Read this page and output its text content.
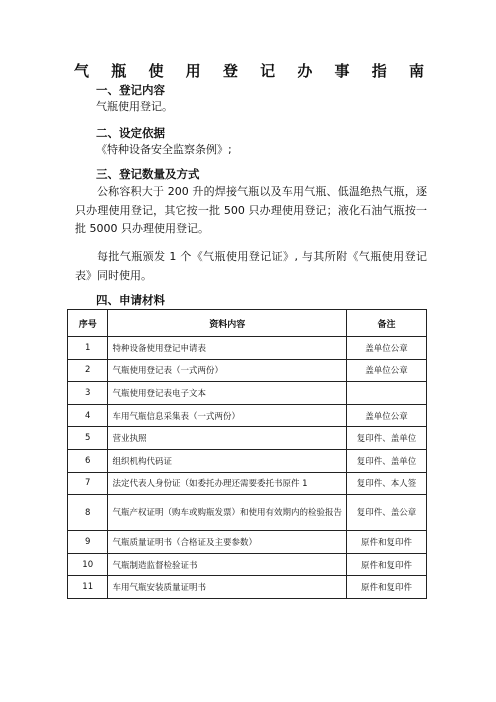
气 瓶 使 用 登 记 办 事 指 南
一、登记内容
气瓶使用登记。
二、设定依据
《特种设备安全监察条例》;
三、登记数量及方式
公称容积大于 200 升的焊接气瓶以及车用气瓶、低温绝热气瓶，逐只办理使用登记，其它按一批 500 只办理使用登记；液化石油气瓶按一批 5000 只办理使用登记。
每批气瓶颁发 1 个《气瓶使用登记证》, 与其所附《气瓶使用登记表》同时使用。
四、申请材料
序号	资料内容	备注
1	特种设备使用登记申请表	盖单位公章
2	气瓶使用登记表（一式两份）	盖单位公章
3	气瓶使用登记表电子文本	
4	车用气瓶信息采集表（一式两份）	盖单位公章
5	营业执照	复印件、盖单位
6	组织机构代码证	复印件、盖单位
7	法定代表人身份证（如委托办理还需要委托书原件 1	复印件、本人签
8	气瓶产权证明（购车或购瓶发票）和使用有效期内的检验报告	复印件、盖公章
9	气瓶质量证明书（合格证及主要参数）	原件和复印件
10	气瓶制造监督检验证书	原件和复印件
11	车用气瓶安装质量证明书	原件和复印件
